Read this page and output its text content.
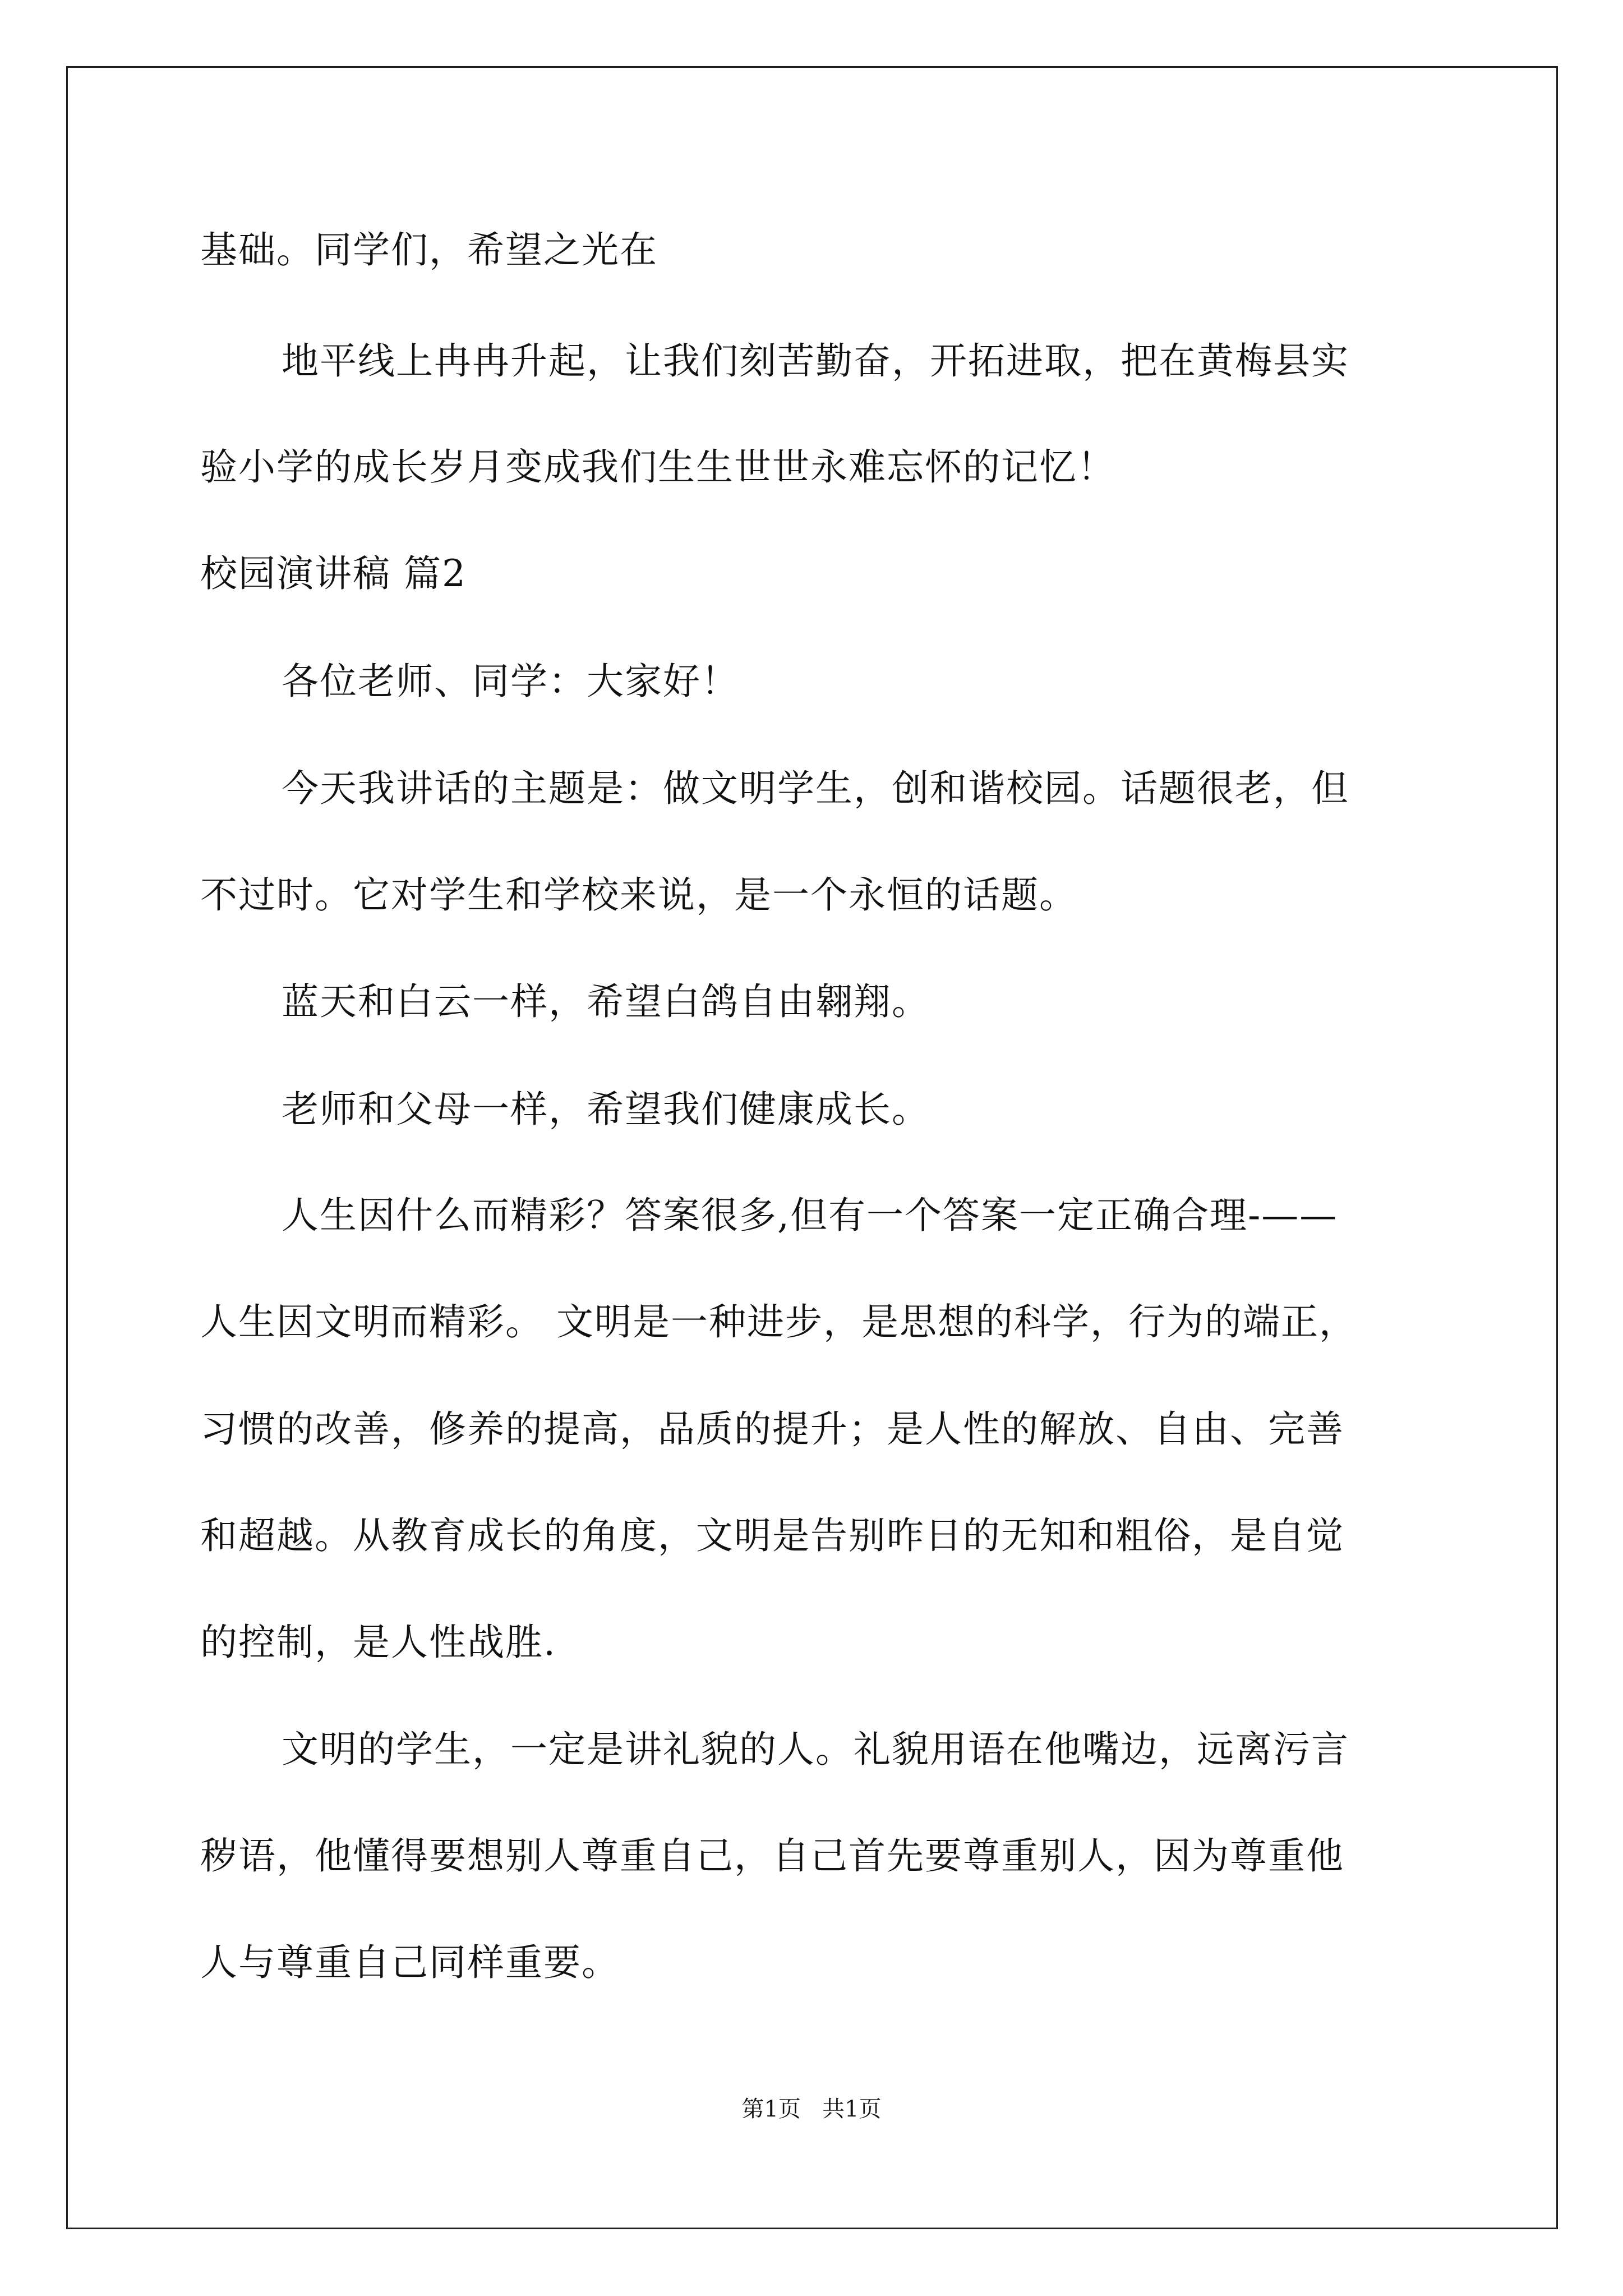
基础。同学们，希望之光在
地平线上冉冉升起，让我们刻苦勤奋，开拓进取，把在黄梅县实
验小学的成长岁月变成我们生生世世永难忘怀的记忆！
校园演讲稿 篇2
各位老师、同学：大家好！
今天我讲话的主题是：做文明学生，创和谐校园。话题很老，但
不过时。它对学生和学校来说，是一个永恒的话题。
蓝天和白云一样，希望白鸽自由翱翔。
老师和父母一样，希望我们健康成长。
人生因什么而精彩？答案很多,但有一个答案一定正确合理-——
人生因文明而精彩。 文明是一种进步，是思想的科学，行为的端正，
习惯的改善，修养的提高，品质的提升；是人性的解放、自由、完善
和超越。从教育成长的角度，文明是告别昨日的无知和粗俗，是自觉
的控制，是人性战胜.
文明的学生，一定是讲礼貌的人。礼貌用语在他嘴边，远离污言
秽语，他懂得要想别人尊重自己，自己首先要尊重别人，因为尊重他
人与尊重自己同样重要。
第1页   共1页
